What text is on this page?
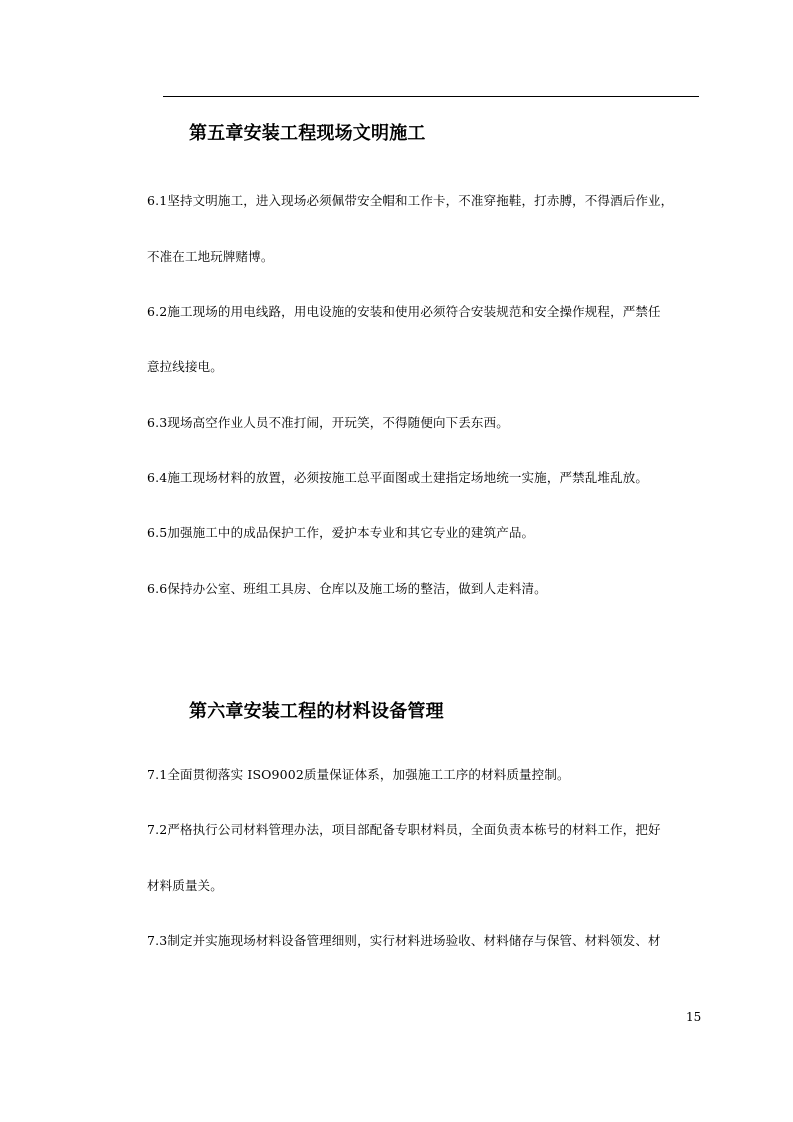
第五章安装工程现场文明施工
6.1坚持文明施工，进入现场必须佩带安全帽和工作卡，不准穿拖鞋，打赤膊，不得酒后作业，
不准在工地玩牌赌博。
6.2施工现场的用电线路，用电设施的安装和使用必须符合安装规范和安全操作规程，严禁任
意拉线接电。
6.3现场高空作业人员不准打闹，开玩笑，不得随便向下丢东西。
6.4施工现场材料的放置，必须按施工总平面图或土建指定场地统一实施，严禁乱堆乱放。
6.5加强施工中的成品保护工作，爱护本专业和其它专业的建筑产品。
6.6保持办公室、班组工具房、仓库以及施工场的整洁，做到人走料清。
第六章安装工程的材料设备管理
7.1全面贯彻落实 ISO9002质量保证体系，加强施工工序的材料质量控制。
7.2严格执行公司材料管理办法，项目部配备专职材料员，全面负责本栋号的材料工作，把好
材料质量关。
7.3制定并实施现场材料设备管理细则，实行材料进场验收、材料储存与保管、材料领发、材
15
